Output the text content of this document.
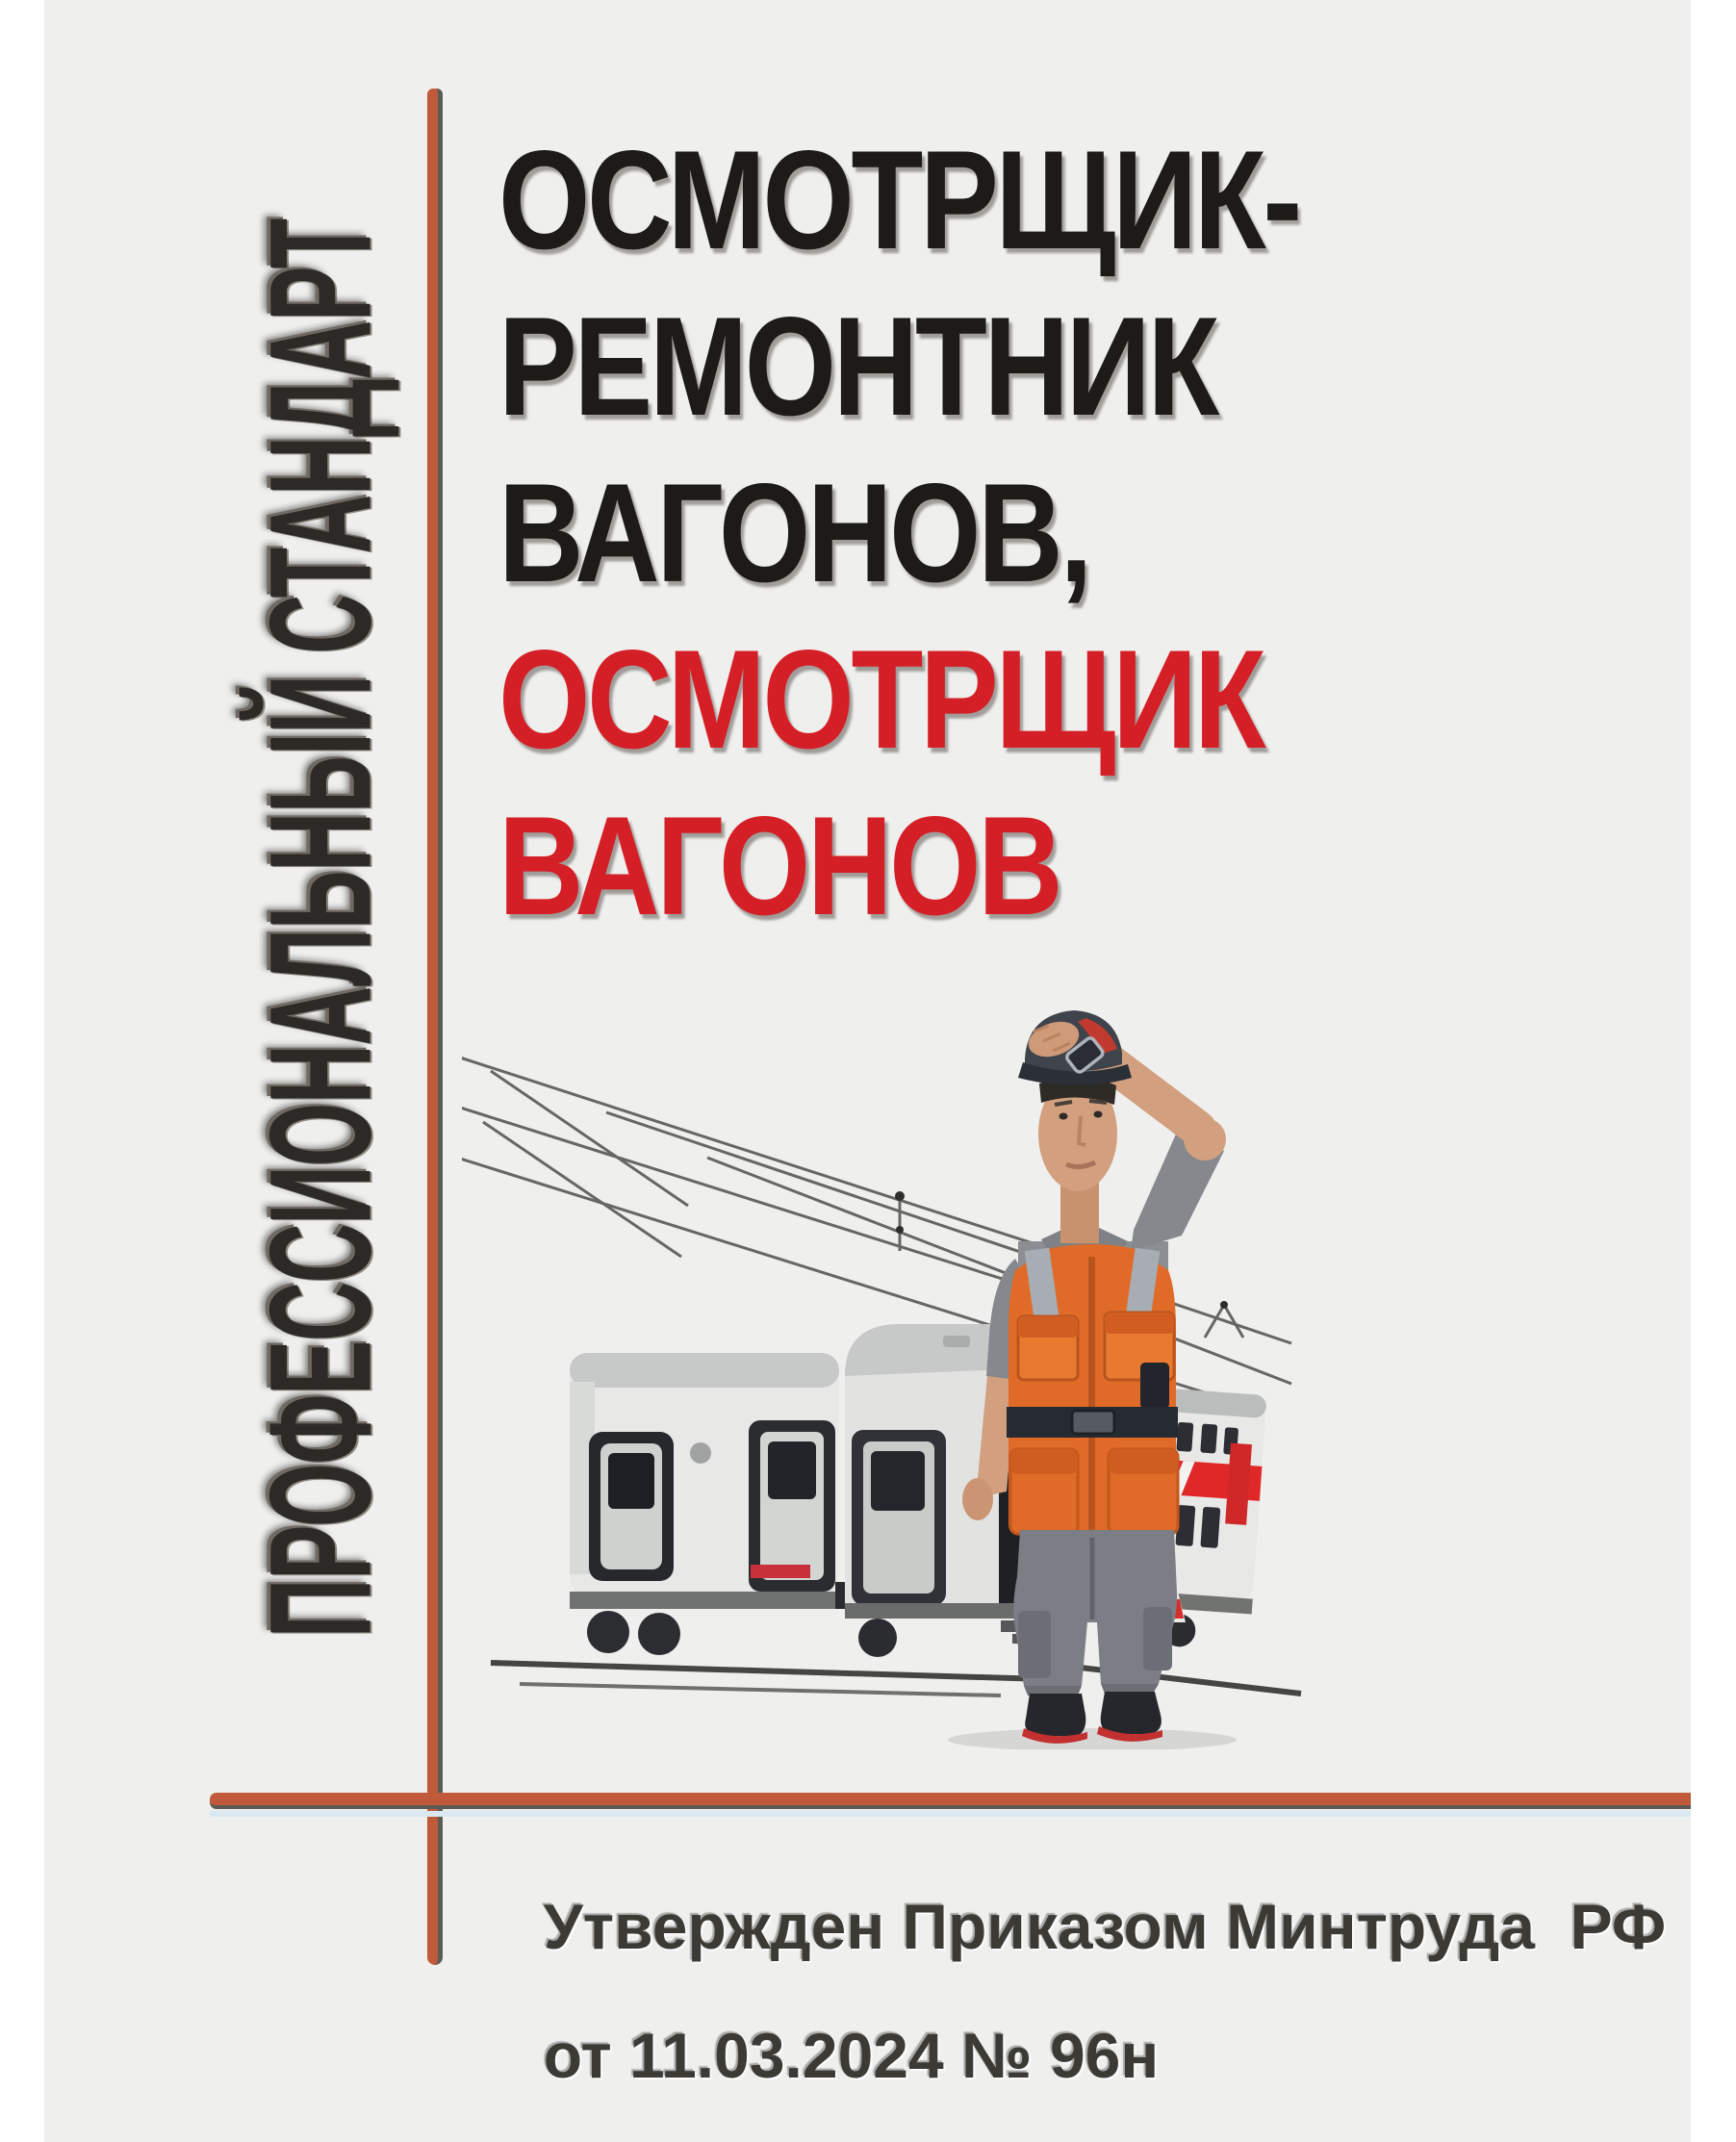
ПРОФЕССИОНАЛЬНЫЙ СТАНДАРТ
ОСМОТРЩИК-
РЕМОНТНИК
ВАГОНОВ,
ОСМОТРЩИК
ВАГОНОВ

Утвержден Приказом Минтруда  РФ

от 11.03.2024 № 96н
